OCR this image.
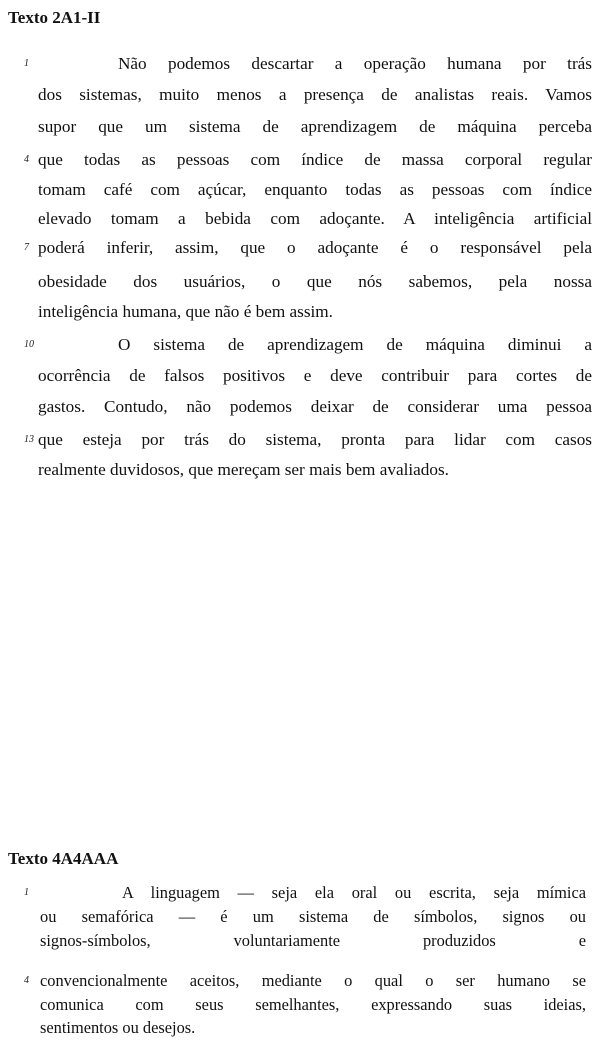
Texto 2A1-II
1
4
7
10
13
Não podemos descartar a operação humana por trás
dos sistemas, muito menos a presença de analistas reais. Vamos
supor que um sistema de aprendizagem de máquina perceba
que todas as pessoas com índice de massa corporal regular
tomam café com açúcar, enquanto todas as pessoas com índice
elevado tomam a bebida com adoçante. A inteligência artificial
poderá inferir, assim, que o adoçante é o responsável pela
obesidade dos usuários, o que nós sabemos, pela nossa
inteligência humana, que não é bem assim.
O sistema de aprendizagem de máquina diminui a
ocorrência de falsos positivos e deve contribuir para cortes de
gastos. Contudo, não podemos deixar de considerar uma pessoa
que esteja por trás do sistema, pronta para lidar com casos
realmente duvidosos, que mereçam ser mais bem avaliados.
Texto 4A4AAA
1
4
A linguagem — seja ela oral ou escrita, seja mímica
ou semafórica — é um sistema de símbolos, signos ou
signos-símbolos, voluntariamente produzidos e
convencionalmente aceitos, mediante o qual o ser humano se
comunica com seus semelhantes, expressando suas ideias,
sentimentos ou desejos.
